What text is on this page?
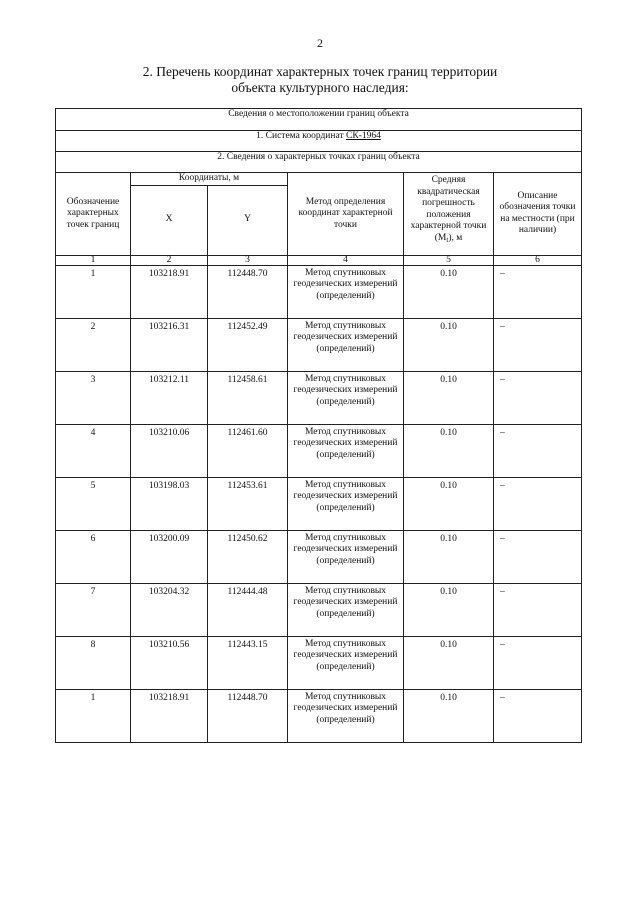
2
2. Перечень координат характерных точек границ территории
объекта культурного наследия:
Сведения о местоположении границ объекта					
1. Система координат СК-1964					
2. Сведения о характерных точках границ объекта					
Обозначение характерных точек границ	Координаты, м		Метод определения координат характерной точки	Средняя квадратическая погрешность положения характерной точки $(M_t)$, м	Описание обозначения точки на местности (при наличии)
	X	Y			
1	2	3	4	5	6
1	103218.91	112448.70	Метод спутниковых геодезических измерений (определений)	0.10	–
2	103216.31	112452.49	Метод спутниковых геодезических измерений (определений)	0.10	–
3	103212.11	112458.61	Метод спутниковых геодезических измерений (определений)	0.10	–
4	103210.06	112461.60	Метод спутниковых геодезических измерений (определений)	0.10	–
5	103198.03	112453.61	Метод спутниковых геодезических измерений (определений)	0.10	–
6	103200.09	112450.62	Метод спутниковых геодезических измерений (определений)	0.10	–
7	103204.32	112444.48	Метод спутниковых геодезических измерений (определений)	0.10	–
8	103210.56	112443.15	Метод спутниковых геодезических измерений (определений)	0.10	–
1	103218.91	112448.70	Метод спутниковых геодезических измерений (определений)	0.10	–
